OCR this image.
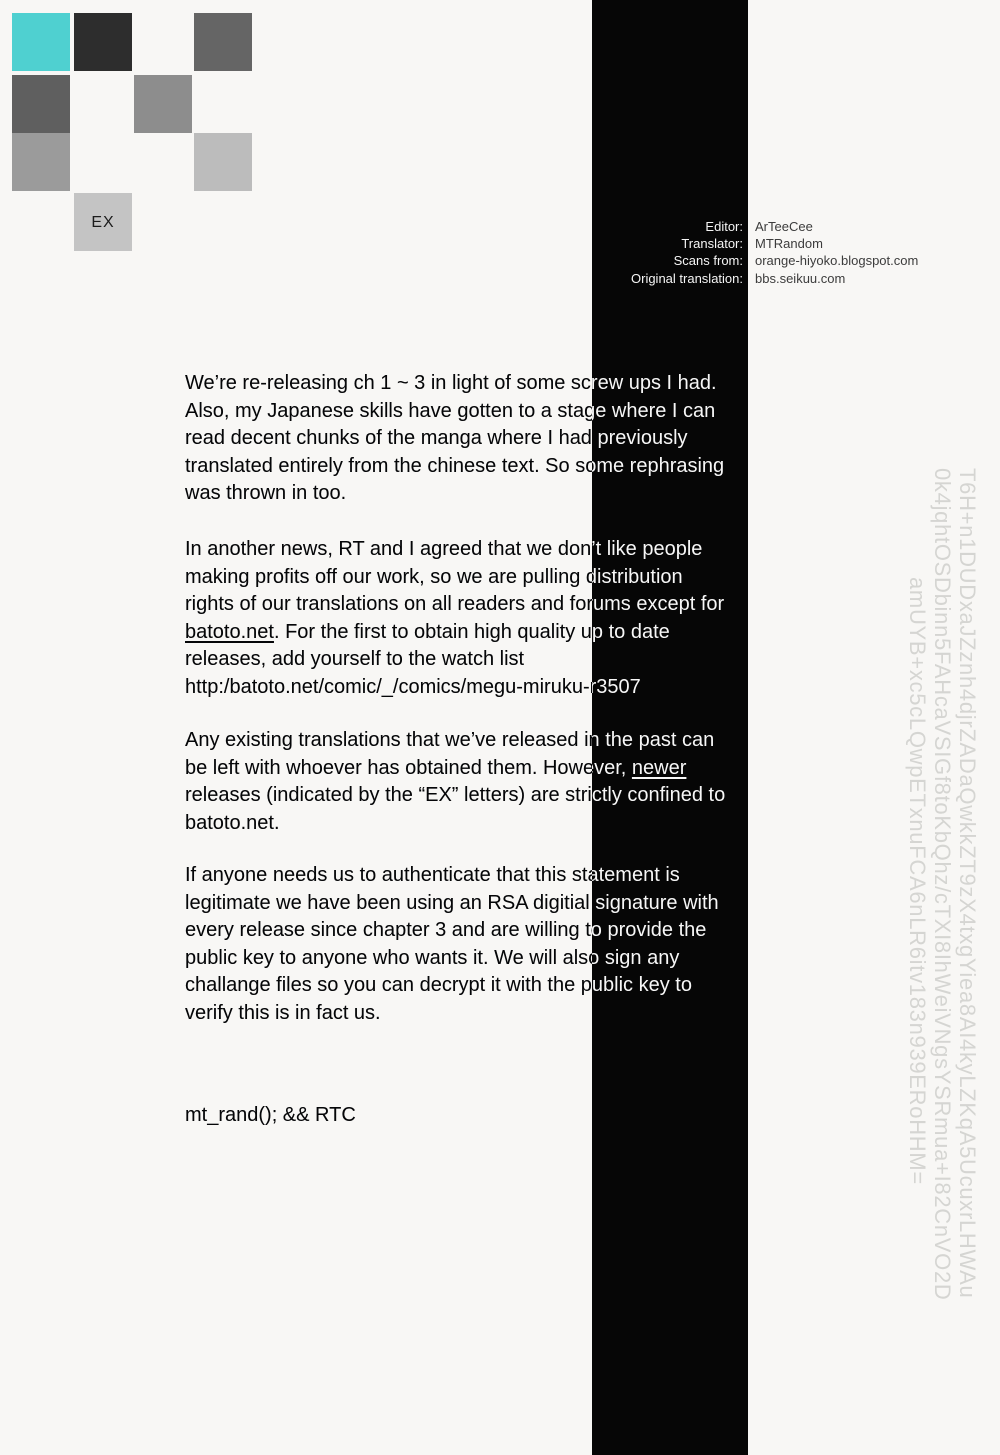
EX	Editor: ArTeeCee
Translator: MTRandom
Scans from: orange-hiyoko.blogspot.com
Original translation: bbs.seikuu.com
We’re re-releasing ch 1 ~ 3 in light of some screw ups I had.
Also, my Japanese skills have gotten to a stage where I can
read decent chunks of the manga where I had previously
translated entirely from the chinese text. So some rephrasing
was thrown in too.
In another news, RT and I agreed that we don’t like people
making profits off our work, so we are pulling distribution
rights of our translations on all readers and forums except for
batoto.net. For the first to obtain high quality up to date
releases, add yourself to the watch list
http:/batoto.net/comic/_/comics/megu-miruku-r3507
Any existing translations that we’ve released in the past can
be left with whoever has obtained them. However, newer
releases (indicated by the “EX” letters) are strictly confined to
batoto.net.
If anyone needs us to authenticate that this statement is
legitimate we have been using an RSA digitial signature with
every release since chapter 3 and are willing to provide the
public key to anyone who wants it. We will also sign any
challange files so you can decrypt it with the public key to
verify this is in fact us.
mt_rand(); && RTC	T6H+n1DUDxaJZznh4djrZADaQwkkZT9zX4txgYiea8AI4kyLZKqA5UcuxrLHWAu
0k4jqhtOSDbinn5FAHcaVSIGf8toKbQhz/cTXI8IhWeiVNgsYSRmua+I82CnVO2D
amUYB+xc5cLQwpETxnuFCA6nLR6itv183n939ERoHHM=
